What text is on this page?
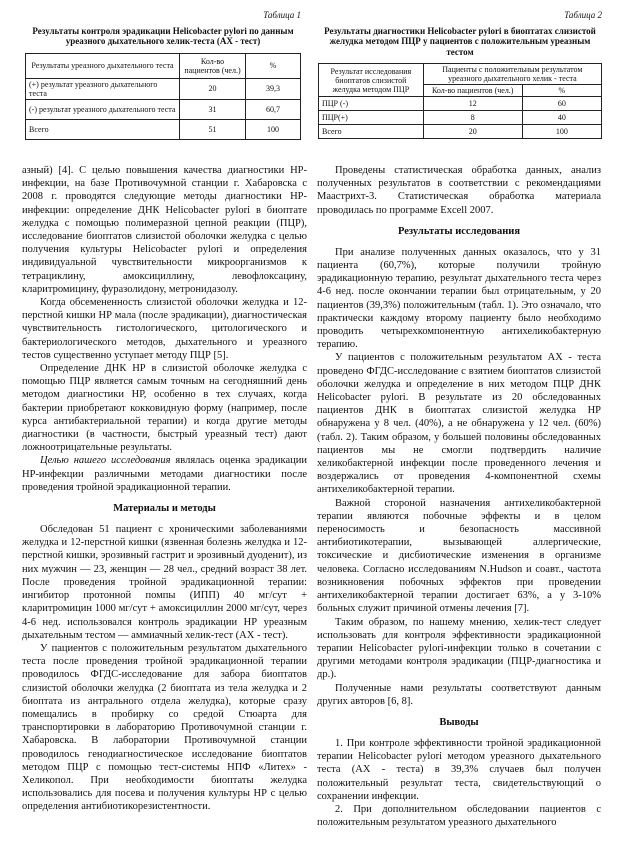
Таблица 1
Результаты контроля эрадикации Helicobacter pylori по данным уреазного дыхательного хелик-теста (АХ - тест)
Результаты уреазного дыхательного теста	Кол-во пациентов (чел.)	%
(+) результат уреазного дыхательного теста	20	39,3
(-) результат уреазного дыхательного теста	31	60,7
Всего	51	100
Таблица 2
Результаты диагностики Helicobacter pylori в биоптатах слизистой желудка методом ПЦР у пациентов с положительным уреазным тестом
Результат исследования биоптатов слизистой желудка методом ПЦР	Пациенты с положительным результатом уреазного дыхательного хелик - теста	
	Кол-во пациентов (чел.)	%
ПЦР (-)	12	60
ПЦР(+)	8	40
Всего	20	100

азный) [4]. С целью повышения качества диагностики НР-инфекции, на базе Противочумной станции г. Хабаровска с 2008 г. проводятся следующие методы диагностики НР-инфекции: определение ДНК Helicobacter pylori в биоптате желудка с помощью полимеразной цепной реакции (ПЦР), исследование биоптатов слизистой оболочки желудка с целью получения культуры Helicobacter pylori и определения индивидуальной чувствительности микроорганизмов к тетрациклину, амоксициллину, левофлоксацину, кларитромицину, фуразолидону, метронидазолу.

Когда обсемененность слизистой оболочки желудка и 12-перстной кишки НР мала (после эрадикации), диагностическая чувствительность гистологического, цитологического и бактериологического методов, дыхательного и уреазного тестов существенно уступает методу ПЦР [5].

Определение ДНК НР в слизистой оболочке желудка с помощью ПЦР является самым точным на сегодняшний день методом диагностики НР, особенно в тех случаях, когда бактерии приобретают кокковидную форму (например, после курса антибактериальной терапии) и когда другие методы диагностики (в частности, быстрый уреазный тест) дают ложноотрицательные результаты.

Целью нашего исследования являлась оценка эрадикации НР-инфекции различными методами диагностики после проведения тройной эрадикационной терапии.

Материалы и методы

Обследован 51 пациент с хроническими заболеваниями желудка и 12-перстной кишки (язвенная болезнь желудка и 12-перстной кишки, эрозивный гастрит и эрозивный дуоденит), из них мужчин — 23, женщин — 28 чел., средний возраст 38 лет. После проведения тройной эрадикационной терапии: ингибитор протонной помпы (ИПП) 40 мг/сут + кларитромицин 1000 мг/сут + амоксициллин 2000 мг/сут, через 4-6 нед. использовался контроль эрадикации НР уреазным дыхательным тестом — аммиачный хелик-тест (АХ - тест).

У пациентов с положительным результатом дыхательного теста после проведения тройной эрадикационной терапии проводилось ФГДС-исследование для забора биоптатов слизистой оболочки желудка (2 биоптата из тела желудка и 2 биоптата из антрального отдела желудка), которые сразу помещались в пробирку со средой Стюарта для транспортировки в лабораторию Противочумной станции г. Хабаровска. В лаборатории Противочумной станции проводилось генодиагностическое исследование биоптатов методом ПЦР с помощью тест-системы НПФ «Литех» - Хеликопол. При необходимости биоптаты желудка использовались для посева и получения культуры НР с целью определения антибиотикорезистентности.

Проведены статистическая обработка данных, анализ полученных результатов в соответствии с рекомендациями Маастрихт-3. Статистическая обработка материала проводилась по программе Excell 2007.

Результаты исследования

При анализе полученных данных оказалось, что у 31 пациента (60,7%), которые получили тройную эрадикационную терапию, результат дыхательного теста через 4-6 нед. после окончании терапии был отрицательным, у 20 пациентов (39,3%) положительным (табл. 1). Это означало, что практически каждому второму пациенту было необходимо проводить четырехкомпонентную антихеликобактерную терапию.

У пациентов с положительным результатом АХ - теста проведено ФГДС-исследование с взятием биоптатов слизистой оболочки желудка и определение в них методом ПЦР ДНК Helicobacter pylori. В результате из 20 обследованных пациентов ДНК в биоптатах слизистой желудка НР обнаружена у 8 чел. (40%), а не обнаружена у 12 чел. (60%) (табл. 2). Таким образом, у большей половины обследованных пациентов мы не смогли подтвердить наличие хеликобактерной инфекции после проведенного лечения и воздержались от проведения 4-компонентной схемы антихеликобактерной терапии.

Важной стороной назначения антихеликобактерной терапии являются побочные эффекты и в целом переносимость и безопасность массивной антибиотикотерапии, вызывающей аллергические, токсические и дисбиотические изменения в организме человека. Согласно исследованиям N.Hudson и соавт., частота возникновения побочных эффектов при проведении антихеликобактерной терапии достигает 63%, а у 3-10% больных служит причиной отмены лечения [7].

Таким образом, по нашему мнению, хелик-тест следует использовать для контроля эффективности эрадикационной терапии Helicobacter pylori-инфекции только в сочетании с другими методами контроля эрадикации (ПЦР-диагностика и др.).

Полученные нами результаты соответствуют данным других авторов [6, 8].

Выводы

1. При контроле эффективности тройной эрадикационной терапии Helicobacter pylori методом уреазного дыхательного теста (АХ - теста) в 39,3% случаев был получен положительный результат теста, свидетельствующий о сохранении инфекции.

2. При дополнительном обследовании пациентов с положительным результатом уреазного дыхательного
